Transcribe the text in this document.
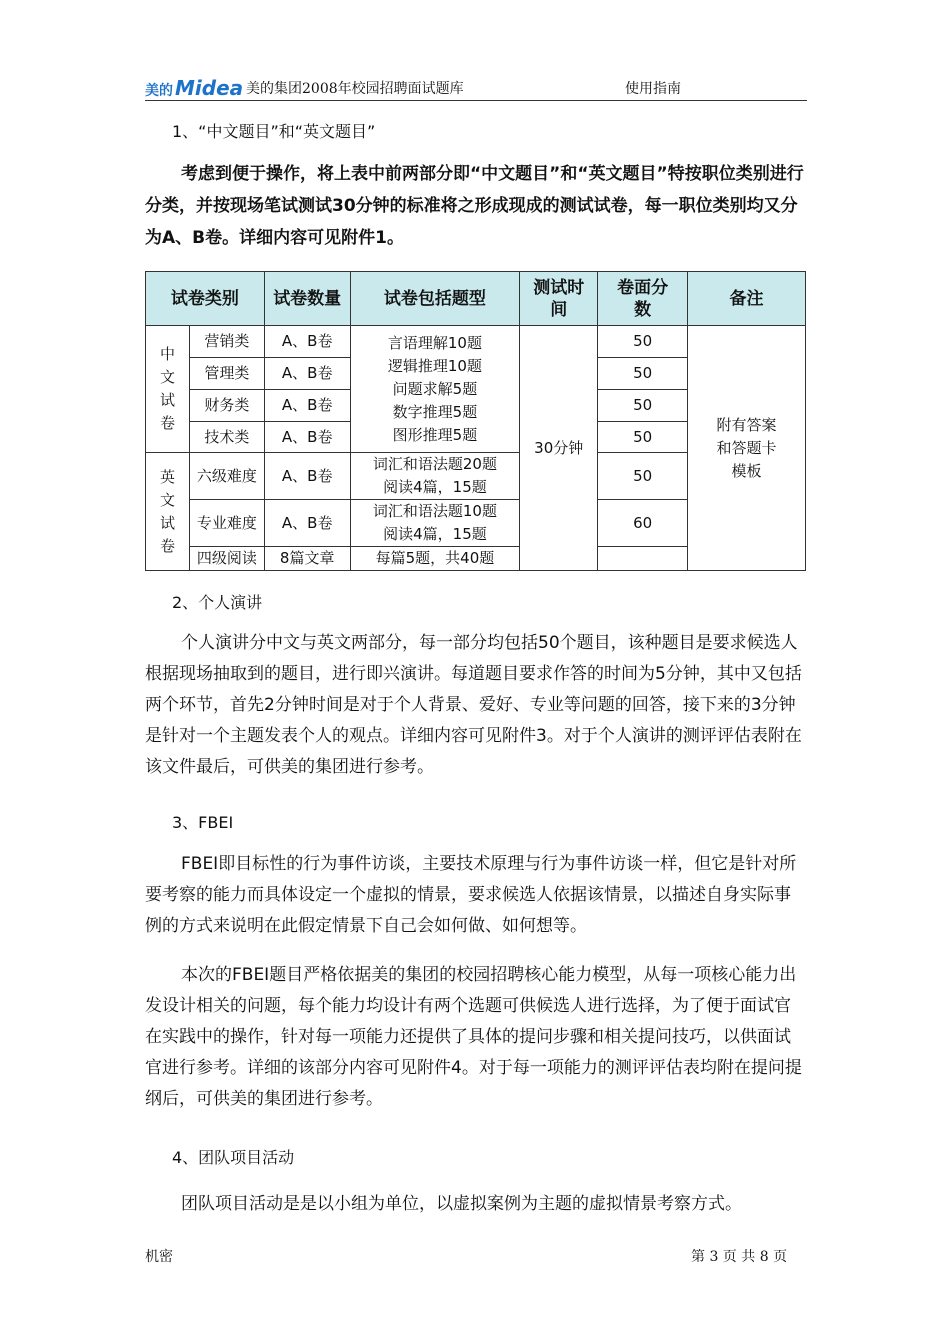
美的 Midea 美的集团2008年校园招聘面试题库	使用指南
1、“中文题目”和“英文题目”
考虑到便于操作，将上表中前两部分即“中文题目”和“英文题目”特按职位类别进行分类，并按现场笔试测试30分钟的标准将之形成现成的测试试卷，每一职位类别均又分为A、B卷。详细内容可见附件1。
试卷类别		试卷数量	试卷包括题型	测试时间	卷面分数	备注

中文试卷	营销类	A、B卷	言语理解10题
逻辑推理10题
问题求解5题
数字推理5题
图形推理5题	30分钟	50	附有答案和答题卡模板

	管理类	A、B卷			50	
	财务类	A、B卷			50	
	技术类	A、B卷			50	

英文试卷	六级难度	A、B卷	词汇和语法题20题
阅读4篇，15题		50	
	专业难度	A、B卷	词汇和语法题10题
阅读4篇，15题		60	
	四级阅读	8篇文章	每篇5题，共40题			
2、个人演讲
个人演讲分中文与英文两部分，每一部分均包括50个题目，该种题目是要求候选人根据现场抽取到的题目，进行即兴演讲。每道题目要求作答的时间为5分钟，其中又包括两个环节，首先2分钟时间是对于个人背景、爱好、专业等问题的回答，接下来的3分钟是针对一个主题发表个人的观点。详细内容可见附件3。对于个人演讲的测评评估表附在该文件最后，可供美的集团进行参考。
3、FBEI
FBEI即目标性的行为事件访谈，主要技术原理与行为事件访谈一样，但它是针对所要考察的能力而具体设定一个虚拟的情景，要求候选人依据该情景，以描述自身实际事例的方式来说明在此假定情景下自己会如何做、如何想等。
本次的FBEI题目严格依据美的集团的校园招聘核心能力模型，从每一项核心能力出发设计相关的问题，每个能力均设计有两个选题可供候选人进行选择，为了便于面试官在实践中的操作，针对每一项能力还提供了具体的提问步骤和相关提问技巧，以供面试官进行参考。详细的该部分内容可见附件4。对于每一项能力的测评评估表均附在提问提纲后，可供美的集团进行参考。
4、团队项目活动
团队项目活动是是以小组为单位，以虚拟案例为主题的虚拟情景考察方式。
机密	第 3 页 共 8 页
